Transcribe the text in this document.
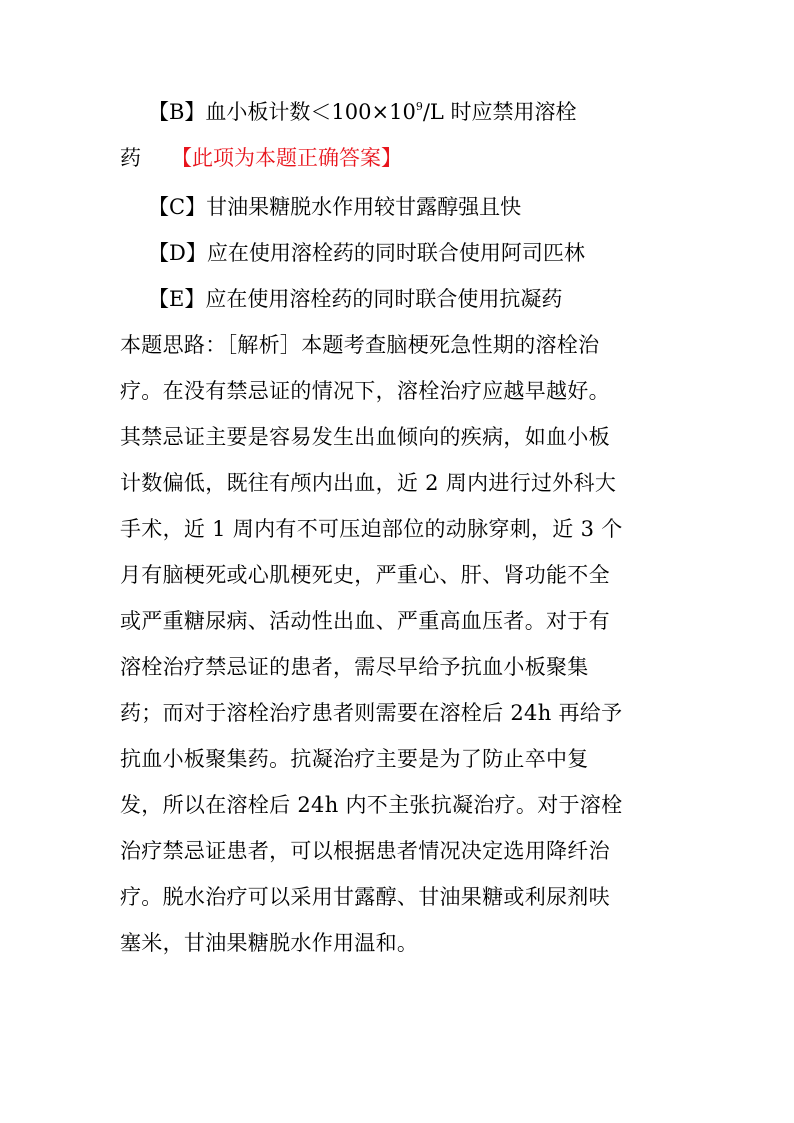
【B】血小板计数$<100\times 10^9/L$ 时应禁用溶栓
药 【此项为本题正确答案】
【C】甘油果糖脱水作用较甘露醇强且快
【D】应在使用溶栓药的同时联合使用阿司匹林
【E】应在使用溶栓药的同时联合使用抗凝药
本题思路：［解析］本题考查脑梗死急性期的溶栓治
疗。在没有禁忌证的情况下，溶栓治疗应越早越好。
其禁忌证主要是容易发生出血倾向的疾病，如血小板
计数偏低，既往有颅内出血，近 2 周内进行过外科大
手术，近 1 周内有不可压迫部位的动脉穿刺，近 3 个
月有脑梗死或心肌梗死史，严重心、肝、肾功能不全
或严重糖尿病、活动性出血、严重高血压者。对于有
溶栓治疗禁忌证的患者，需尽早给予抗血小板聚集
药；而对于溶栓治疗患者则需要在溶栓后 24h 再给予
抗血小板聚集药。抗凝治疗主要是为了防止卒中复
发，所以在溶栓后 24h 内不主张抗凝治疗。对于溶栓
治疗禁忌证患者，可以根据患者情况决定选用降纤治
疗。脱水治疗可以采用甘露醇、甘油果糖或利尿剂呋
塞米，甘油果糖脱水作用温和。
